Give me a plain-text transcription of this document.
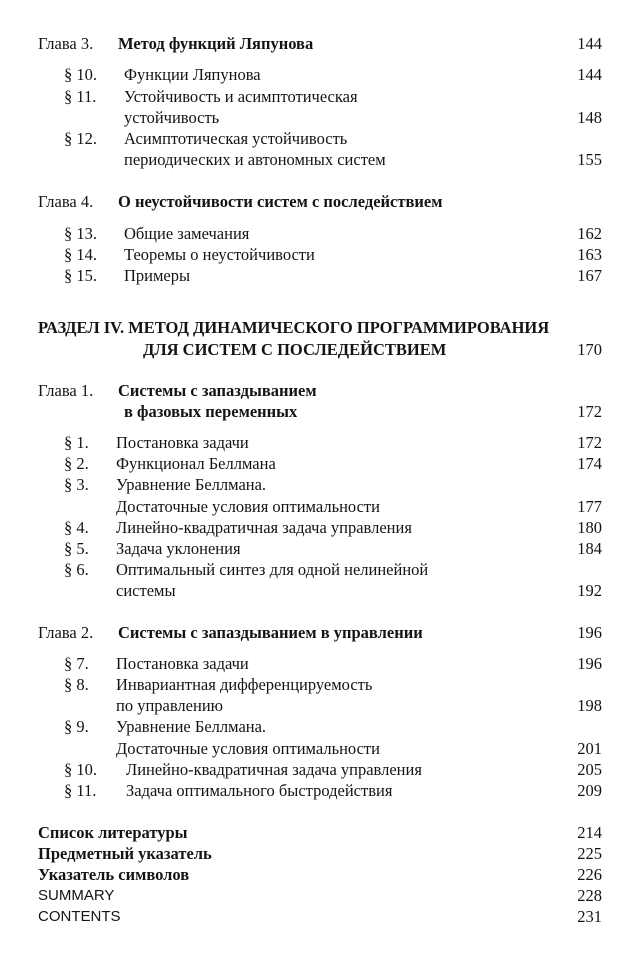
Глава 3. Метод функций Ляпунова	144
§ 10. Функции Ляпунова	144
§ 11. Устойчивость и асимптотическая
устойчивость	148
§ 12. Асимптотическая устойчивость
периодических и автономных систем	155
Глава 4. О неустойчивости систем с последействием
§ 13. Общие замечания	162
§ 14. Теоремы о неустойчивости	163
§ 15. Примеры	167
РАЗДЕЛ IV. МЕТОД ДИНАМИЧЕСКОГО ПРОГРАММИРОВАНИЯ
ДЛЯ СИСТЕМ С ПОСЛЕДЕЙСТВИЕМ	170
Глава 1. Системы с запаздыванием
в фазовых переменных	172
§ 1. Постановка задачи	172
§ 2. Функционал Беллмана	174
§ 3. Уравнение Беллмана.
Достаточные условия оптимальности	177
§ 4. Линейно-квадратичная задача управления	180
§ 5. Задача уклонения	184
§ 6. Оптимальный синтез для одной нелинейной
системы	192
Глава 2. Системы с запаздыванием в управлении	196
§ 7. Постановка задачи	196
§ 8. Инвариантная дифференцируемость
по управлению	198
§ 9. Уравнение Беллмана.
Достаточные условия оптимальности	201
§ 10. Линейно-квадратичная задача управления	205
§ 11. Задача оптимального быстродействия	209
Список литературы	214
Предметный указатель	225
Указатель символов	226
SUMMARY	228
CONTENTS	231
